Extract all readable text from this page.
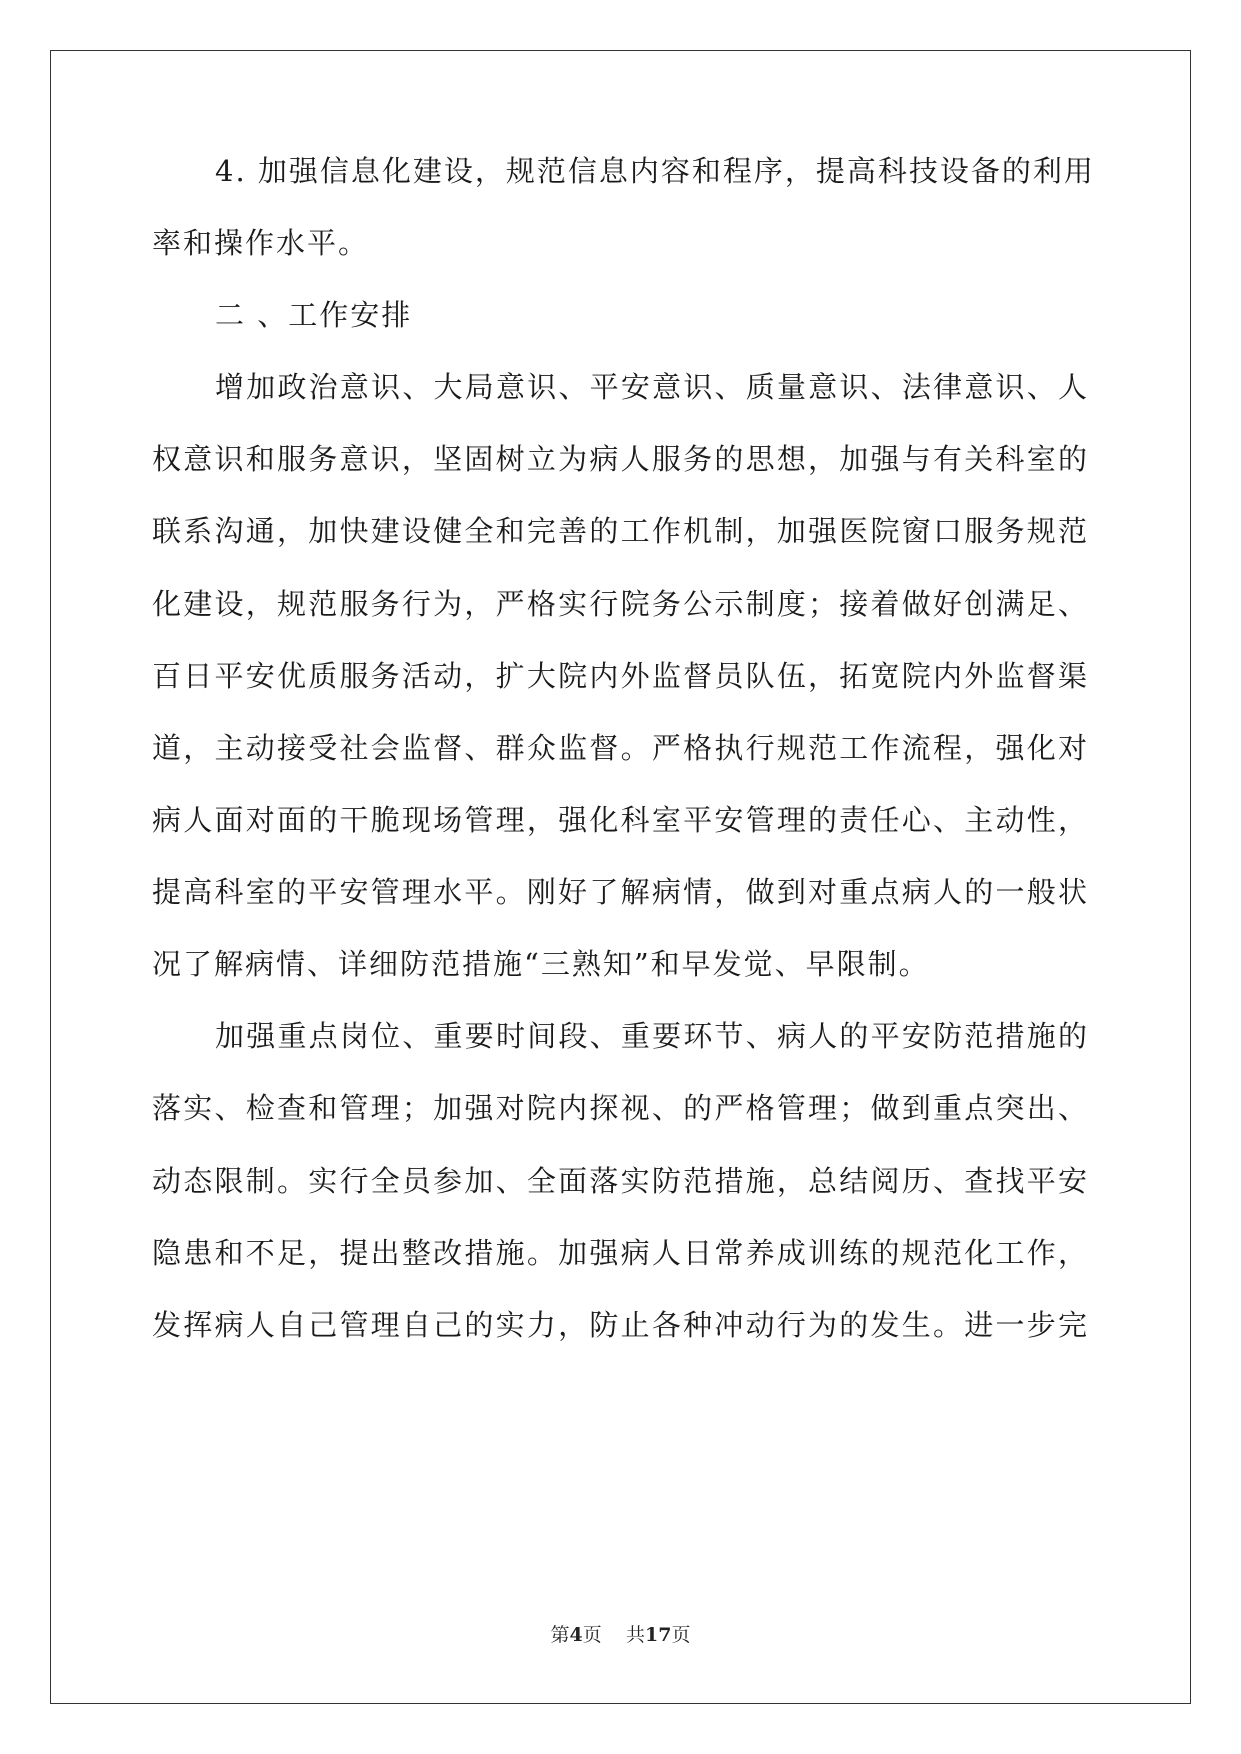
4. 加强信息化建设，规范信息内容和程序，提高科技设备的利用
率和操作水平。
二 、工作安排
增加政治意识、大局意识、平安意识、质量意识、法律意识、人
权意识和服务意识，坚固树立为病人服务的思想，加强与有关科室的
联系沟通，加快建设健全和完善的工作机制，加强医院窗口服务规范
化建设，规范服务行为，严格实行院务公示制度；接着做好创满足、
百日平安优质服务活动，扩大院内外监督员队伍，拓宽院内外监督渠
道，主动接受社会监督、群众监督。严格执行规范工作流程，强化对
病人面对面的干脆现场管理，强化科室平安管理的责任心、主动性，
提高科室的平安管理水平。刚好了解病情，做到对重点病人的一般状
况了解病情、详细防范措施“三熟知”和早发觉、早限制。
加强重点岗位、重要时间段、重要环节、病人的平安防范措施的
落实、检查和管理；加强对院内探视、的严格管理；做到重点突出、
动态限制。实行全员参加、全面落实防范措施，总结阅历、查找平安
隐患和不足，提出整改措施。加强病人日常养成训练的规范化工作，
发挥病人自己管理自己的实力，防止各种冲动行为的发生。进一步完
第4页 共17页
